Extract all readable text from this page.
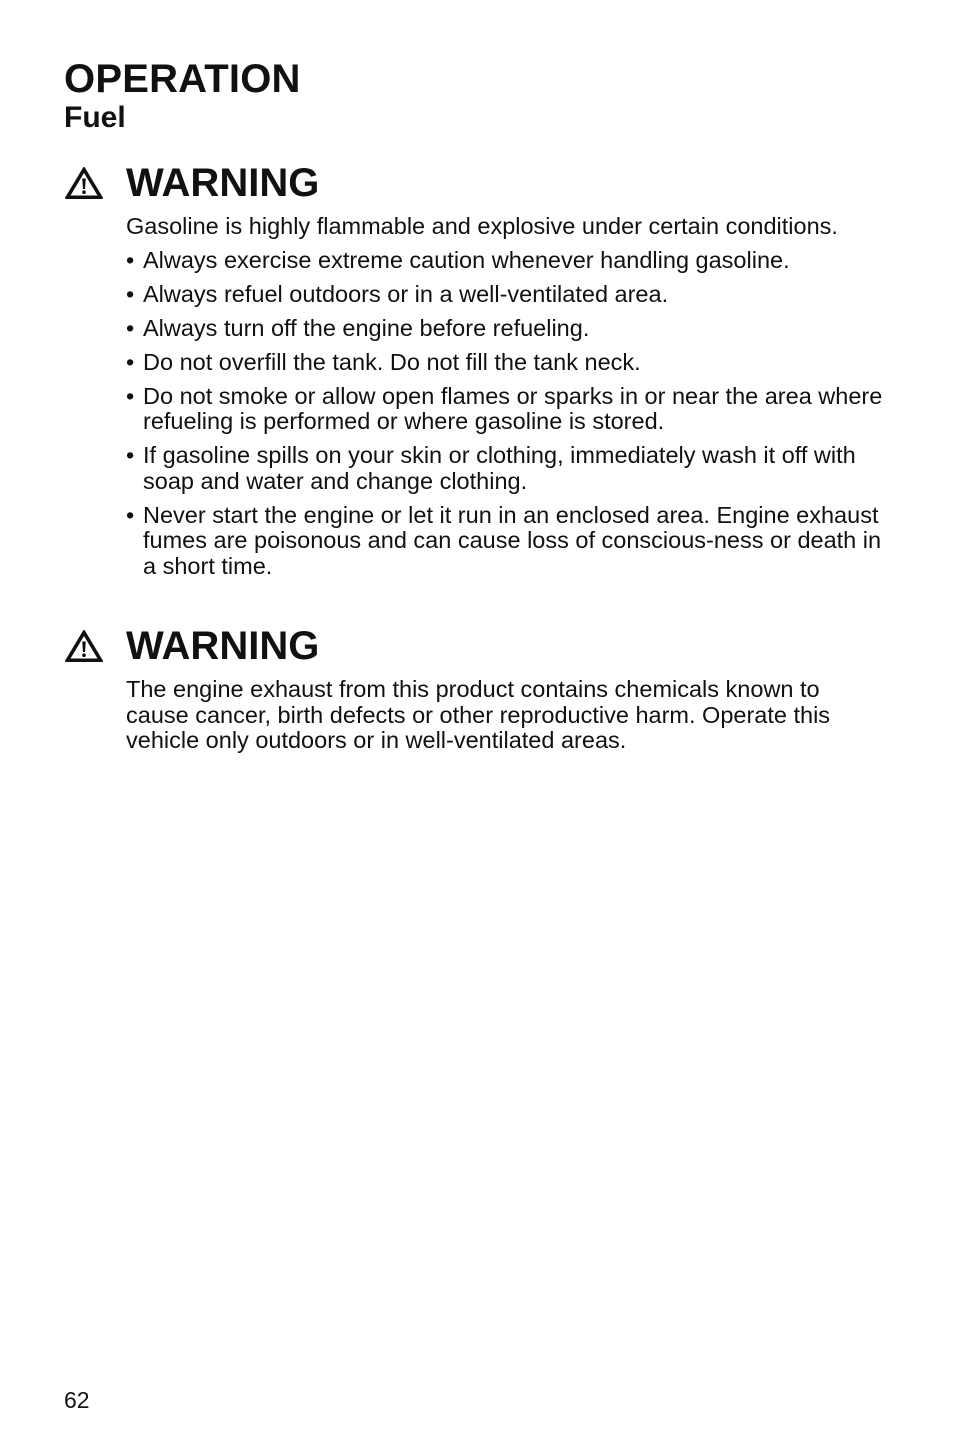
OPERATION
Fuel
WARNING

Gasoline is highly flammable and explosive under certain conditions.

• Always exercise extreme caution whenever handling gasoline.
• Always refuel outdoors or in a well-ventilated area.
• Always turn off the engine before refueling.
• Do not overfill the tank. Do not fill the tank neck.
• Do not smoke or allow open flames or sparks in or near the area where refueling is performed or where gasoline is stored.
• If gasoline spills on your skin or clothing, immediately wash it off with soap and water and change clothing.
• Never start the engine or let it run in an enclosed area. Engine exhaust fumes are poisonous and can cause loss of conscious-ness or death in a short time.
WARNING

The engine exhaust from this product contains chemicals known to cause cancer, birth defects or other reproductive harm. Operate this vehicle only outdoors or in well-ventilated areas.

62
